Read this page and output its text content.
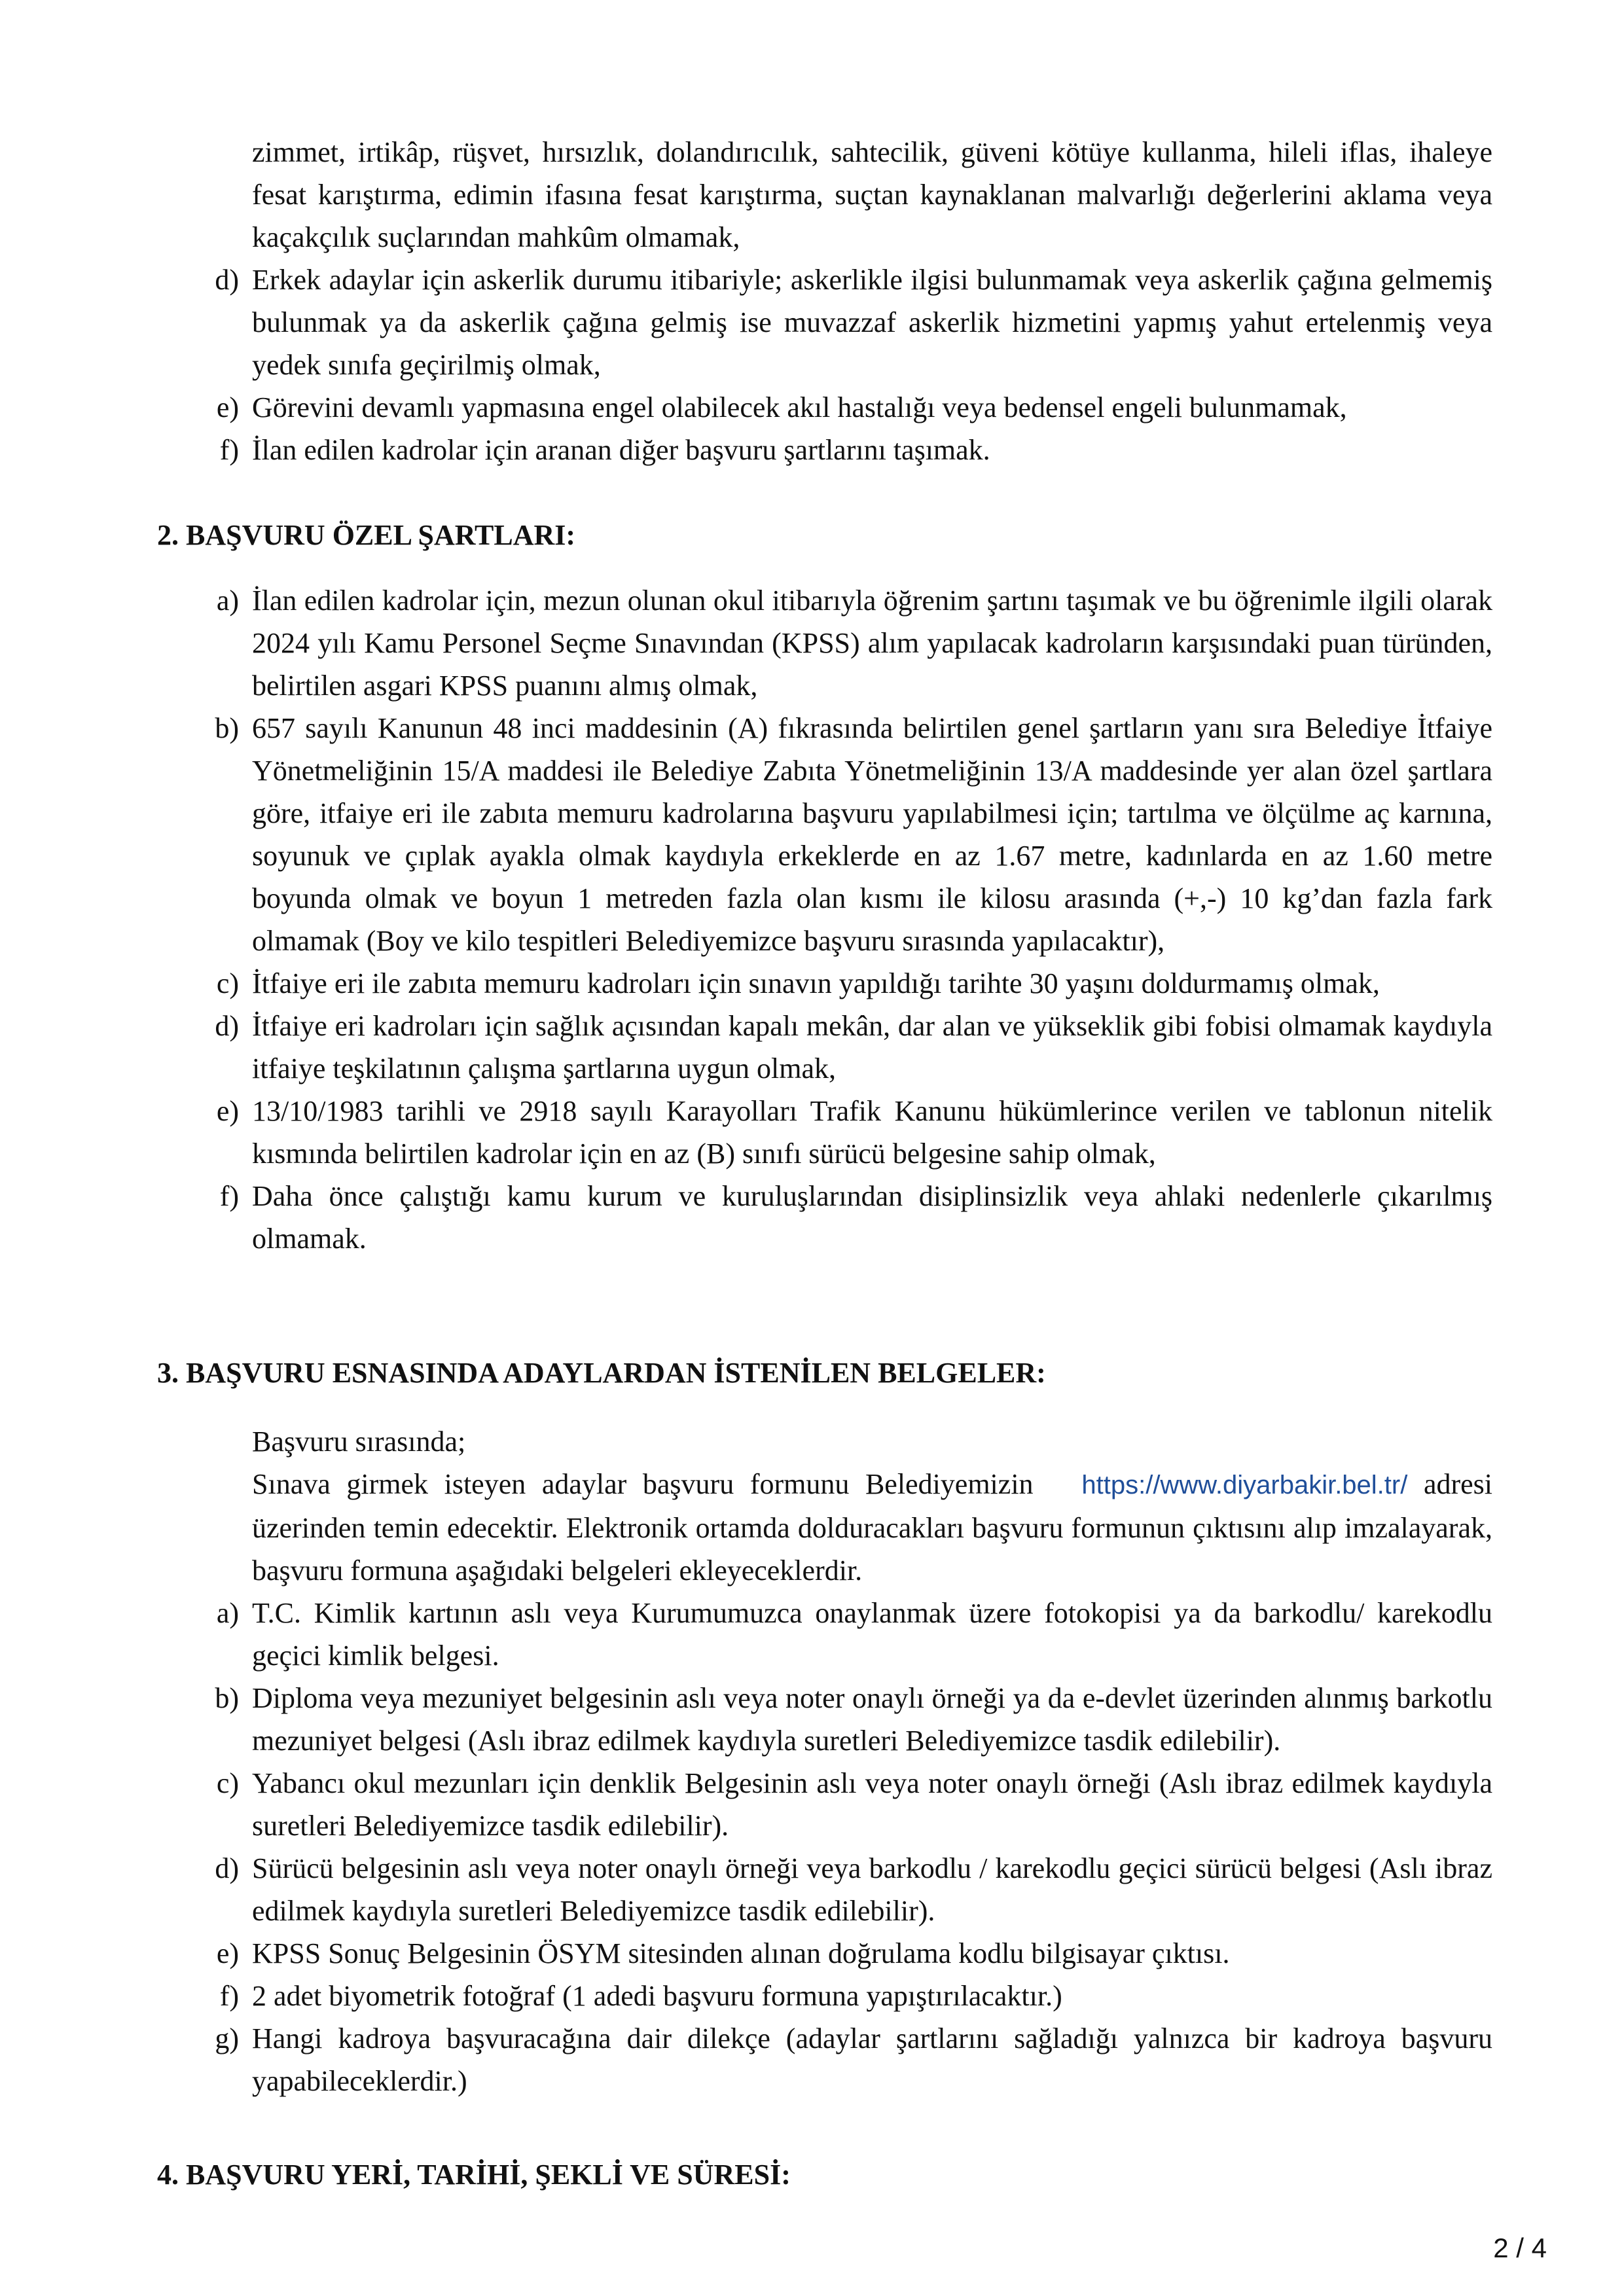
zimmet, irtikâp, rüşvet, hırsızlık, dolandırıcılık, sahtecilik, güveni kötüye kullanma, hileli iflas, ihaleye fesat karıştırma, edimin ifasına fesat karıştırma, suçtan kaynaklanan malvarlığı değerlerini aklama veya kaçakçılık suçlarından mahkûm olmamak,
d) Erkek adaylar için askerlik durumu itibariyle; askerlikle ilgisi bulunmamak veya askerlik çağına gelmemiş bulunmak ya da askerlik çağına gelmiş ise muvazzaf askerlik hizmetini yapmış yahut ertelenmiş veya yedek sınıfa geçirilmiş olmak,
e) Görevini devamlı yapmasına engel olabilecek akıl hastalığı veya bedensel engeli bulunmamak,
f) İlan edilen kadrolar için aranan diğer başvuru şartlarını taşımak.
2. BAŞVURU ÖZEL ŞARTLARI:
a) İlan edilen kadrolar için, mezun olunan okul itibarıyla öğrenim şartını taşımak ve bu öğrenimle ilgili olarak 2024 yılı Kamu Personel Seçme Sınavından (KPSS) alım yapılacak kadroların karşısındaki puan türünden, belirtilen asgari KPSS puanını almış olmak,
b) 657 sayılı Kanunun 48 inci maddesinin (A) fıkrasında belirtilen genel şartların yanı sıra Belediye İtfaiye Yönetmeliğinin 15/A maddesi ile Belediye Zabıta Yönetmeliğinin 13/A maddesinde yer alan özel şartlara göre, itfaiye eri ile zabıta memuru kadrolarına başvuru yapılabilmesi için; tartılma ve ölçülme aç karnına, soyunuk ve çıplak ayakla olmak kaydıyla erkeklerde en az 1.67 metre, kadınlarda en az 1.60 metre boyunda olmak ve boyun 1 metreden fazla olan kısmı ile kilosu arasında (+,-) 10 kg’dan fazla fark olmamak (Boy ve kilo tespitleri Belediyemizce başvuru sırasında yapılacaktır),
c) İtfaiye eri ile zabıta memuru kadroları için sınavın yapıldığı tarihte 30 yaşını doldurmamış olmak,
d) İtfaiye eri kadroları için sağlık açısından kapalı mekân, dar alan ve yükseklik gibi fobisi olmamak kaydıyla itfaiye teşkilatının çalışma şartlarına uygun olmak,
e) 13/10/1983 tarihli ve 2918 sayılı Karayolları Trafik Kanunu hükümlerince verilen ve tablonun nitelik kısmında belirtilen kadrolar için en az (B) sınıfı sürücü belgesine sahip olmak,
f) Daha önce çalıştığı kamu kurum ve kuruluşlarından disiplinsizlik veya ahlaki nedenlerle çıkarılmış olmamak.
3. BAŞVURU ESNASINDA ADAYLARDAN İSTENİLEN BELGELER:
Başvuru sırasında;
Sınava girmek isteyen adaylar başvuru formunu Belediyemizin https://www.diyarbakir.bel.tr/ adresi üzerinden temin edecektir. Elektronik ortamda dolduracakları başvuru formunun çıktısını alıp imzalayarak, başvuru formuna aşağıdaki belgeleri ekleyeceklerdir.
a) T.C. Kimlik kartının aslı veya Kurumumuzca onaylanmak üzere fotokopisi ya da barkodlu/ karekodlu geçici kimlik belgesi.
b) Diploma veya mezuniyet belgesinin aslı veya noter onaylı örneği ya da e-devlet üzerinden alınmış barkotlu mezuniyet belgesi (Aslı ibraz edilmek kaydıyla suretleri Belediyemizce tasdik edilebilir).
c) Yabancı okul mezunları için denklik Belgesinin aslı veya noter onaylı örneği (Aslı ibraz edilmek kaydıyla suretleri Belediyemizce tasdik edilebilir).
d) Sürücü belgesinin aslı veya noter onaylı örneği veya barkodlu / karekodlu geçici sürücü belgesi (Aslı ibraz edilmek kaydıyla suretleri Belediyemizce tasdik edilebilir).
e) KPSS Sonuç Belgesinin ÖSYM sitesinden alınan doğrulama kodlu bilgisayar çıktısı.
f) 2 adet biyometrik fotoğraf (1 adedi başvuru formuna yapıştırılacaktır.)
g) Hangi kadroya başvuracağına dair dilekçe (adaylar şartlarını sağladığı yalnızca bir kadroya başvuru yapabileceklerdir.)
4. BAŞVURU YERİ, TARİHİ, ŞEKLİ VE SÜRESİ:
2 / 4
